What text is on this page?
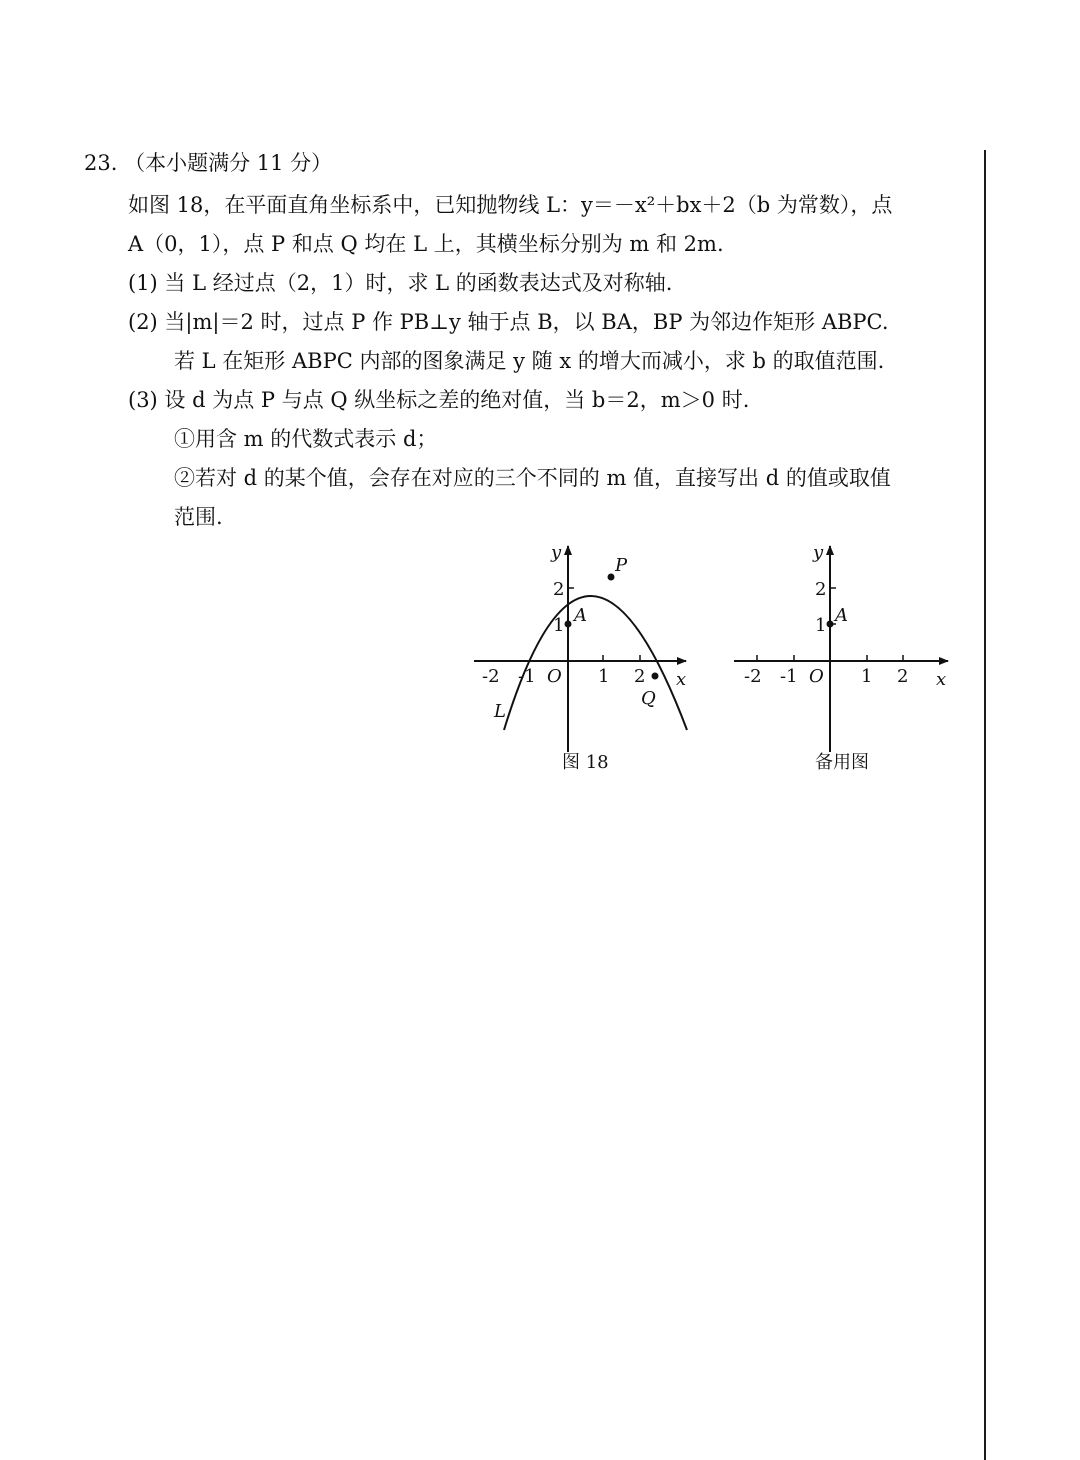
23. （本小题满分 11 分）
如图 18，在平面直角坐标系中，已知抛物线 L：y＝－x²＋bx＋2（b 为常数），点
A（0，1），点 P 和点 Q 均在 L 上，其横坐标分别为 m 和 2m.
(1) 当 L 经过点（2，1）时，求 L 的函数表达式及对称轴.
(2) 当|m|＝2 时，过点 P 作 PB⊥y 轴于点 B，以 BA，BP 为邻边作矩形 ABPC.
若 L 在矩形 ABPC 内部的图象满足 y 随 x 的增大而减小，求 b 的取值范围.
(3) 设 d 为点 P 与点 Q 纵坐标之差的绝对值，当 b＝2，m＞0 时.
①用含 m 的代数式表示 d；
②若对 d 的某个值，会存在对应的三个不同的 m 值，直接写出 d 的值或取值
范围.
x
y
O
-2 -1	1 2
1
2
A
P
Q
L
图 18
x
y
O
-2 -1	1 2
1
2
A
备用图
